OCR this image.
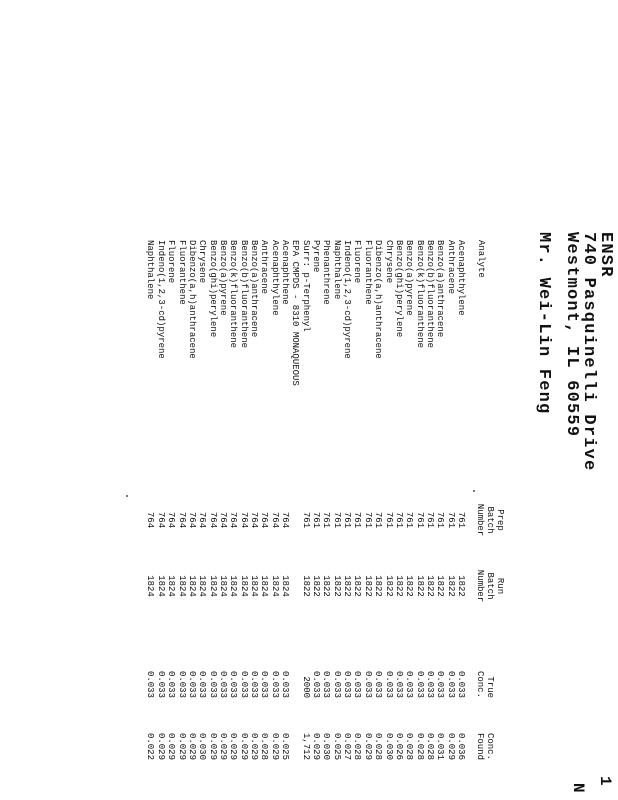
ENSR
740 Pasquinelli Drive
Westmont, IL 60559
Mr. Wei-Lin Feng
1
N
Analyte
Prep
Batch
Number
Run
Batch
Number
True
Conc.
Conc.
Found
Acenaphthylene
761
1822
0.033
0.036
Anthracene
761
1822
0.033
0.029
Benzo(a)anthracene
761
1822
0.033
0.031
Benzo(b)fluoranthene
761
1822
0.033
0.028
Benzo(k)fluoranthene
761
1822
0.033
0.028
Benzo(a)pyrene
761
1822
0.033
0.028
Benzo(ghi)perylene
761
1822
0.033
0.026
Chrysene
761
1822
0.033
0.030
Dibenzo(a,h)anthracene
761
1822
0.033
0.028
Fluoranthene
761
1822
0.033
0.029
Fluorene
761
1822
0.033
0.028
Indeno(1,2,3-cd)pyrene
761
1822
0.033
0.027
Naphthalene
761
1822
0.033
0.025
Phenanthrene
761
1822
0.033
0.030
Pyrene
761
1822
0.033
0.029
Surr: p-Terphenyl
761
1822
2000
1,712
EPA CMPDS - 8310 MONAQUEOUS
Acenaphthene
764
1824
0.033
0.025
Acenaphthylene
764
1824
0.033
0.029
Anthracene
764
1824
0.033
0.028
Benzo(a)anthracene
764
1824
0.033
0.029
Benzo(b)fluoranthene
764
1824
0.033
0.029
Benzo(k)fluoranthene
764
1824
0.033
0.029
Benzo(a)pyrene
764
1824
0.033
0.029
Benzo(ghi)perylene
764
1824
0.033
0.029
Chrysene
764
1824
0.033
0.030
Dibenzo(a,h)anthracene
764
1824
0.033
0.029
Fluoranthene
764
1824
0.033
0.029
Fluorene
764
1824
0.033
0.029
Indeno(1,2,3-cd)pyrene
764
1824
0.033
0.029
Naphthalene
764
1824
0.033
0.022
